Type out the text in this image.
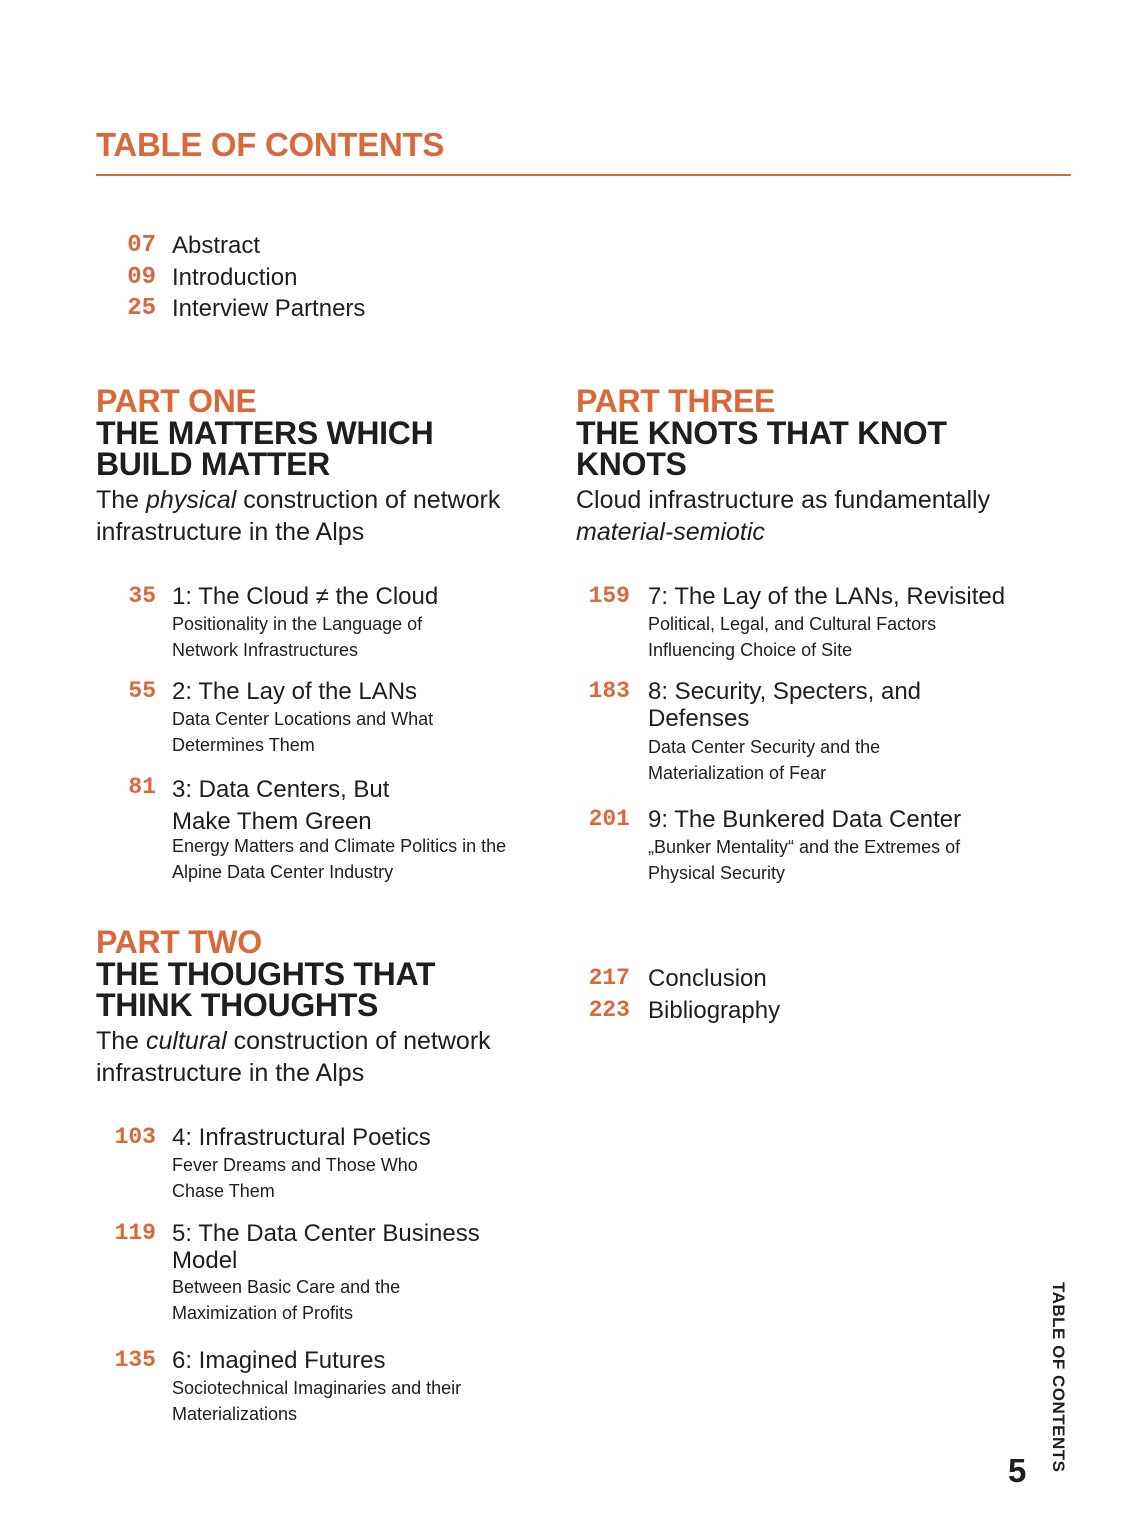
TABLE OF CONTENTS
07 Abstract
09 Introduction
25 Interview Partners
PART ONE
THE MATTERS WHICH BUILD MATTER
The physical construction of network infrastructure in the Alps
35 1: The Cloud ≠ the Cloud
Positionality in the Language of Network Infrastructures
55 2: The Lay of the LANs
Data Center Locations and What Determines Them
81 3: Data Centers, But Make Them Green
Energy Matters and Climate Politics in the Alpine Data Center Industry
PART TWO
THE THOUGHTS THAT THINK THOUGHTS
The cultural construction of network infrastructure in the Alps
103 4: Infrastructural Poetics
Fever Dreams and Those Who Chase Them
119 5: The Data Center Business Model
Between Basic Care and the Maximization of Profits
135 6: Imagined Futures
Sociotechnical Imaginaries and their Materializations
PART THREE
THE KNOTS THAT KNOT KNOTS
Cloud infrastructure as fundamentally material-semiotic
159 7: The Lay of the LANs, Revisited
Political, Legal, and Cultural Factors Influencing Choice of Site
183 8: Security, Specters, and Defenses
Data Center Security and the Materialization of Fear
201 9: The Bunkered Data Center
„Bunker Mentality“ and the Extremes of Physical Security
217 Conclusion
223 Bibliography
TABLE OF CONTENTS
5
